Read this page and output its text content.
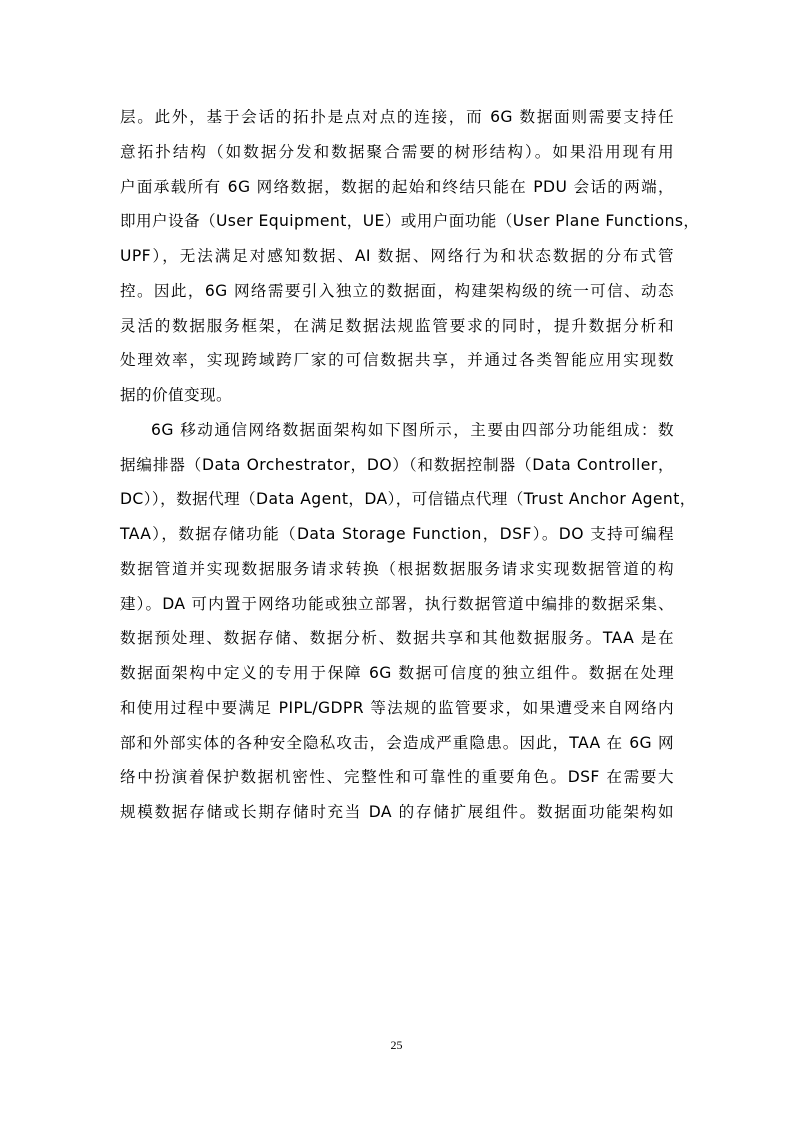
层。此外，基于会话的拓扑是点对点的连接，而 6G 数据面则需要支持任
意拓扑结构（如数据分发和数据聚合需要的树形结构）。如果沿用现有用
户面承载所有 6G 网络数据，数据的起始和终结只能在 PDU 会话的两端，
即用户设备（User Equipment，UE）或用户面功能（User Plane Functions，
UPF），无法满足对感知数据、AI 数据、网络行为和状态数据的分布式管
控。因此，6G 网络需要引入独立的数据面，构建架构级的统一可信、动态
灵活的数据服务框架，在满足数据法规监管要求的同时，提升数据分析和
处理效率，实现跨域跨厂家的可信数据共享，并通过各类智能应用实现数
据的价值变现。
6G 移动通信网络数据面架构如下图所示，主要由四部分功能组成：数
据编排器（Data Orchestrator，DO）（和数据控制器（Data Controller，
DC）），数据代理（Data Agent，DA），可信锚点代理（Trust Anchor Agent，
TAA），数据存储功能（Data Storage Function，DSF）。DO 支持可编程
数据管道并实现数据服务请求转换（根据数据服务请求实现数据管道的构
建）。DA 可内置于网络功能或独立部署，执行数据管道中编排的数据采集、
数据预处理、数据存储、数据分析、数据共享和其他数据服务。TAA 是在
数据面架构中定义的专用于保障 6G 数据可信度的独立组件。数据在处理
和使用过程中要满足 PIPL/GDPR 等法规的监管要求，如果遭受来自网络内
部和外部实体的各种安全隐私攻击，会造成严重隐患。因此，TAA 在 6G 网
络中扮演着保护数据机密性、完整性和可靠性的重要角色。DSF 在需要大
规模数据存储或长期存储时充当 DA 的存储扩展组件。数据面功能架构如
25
